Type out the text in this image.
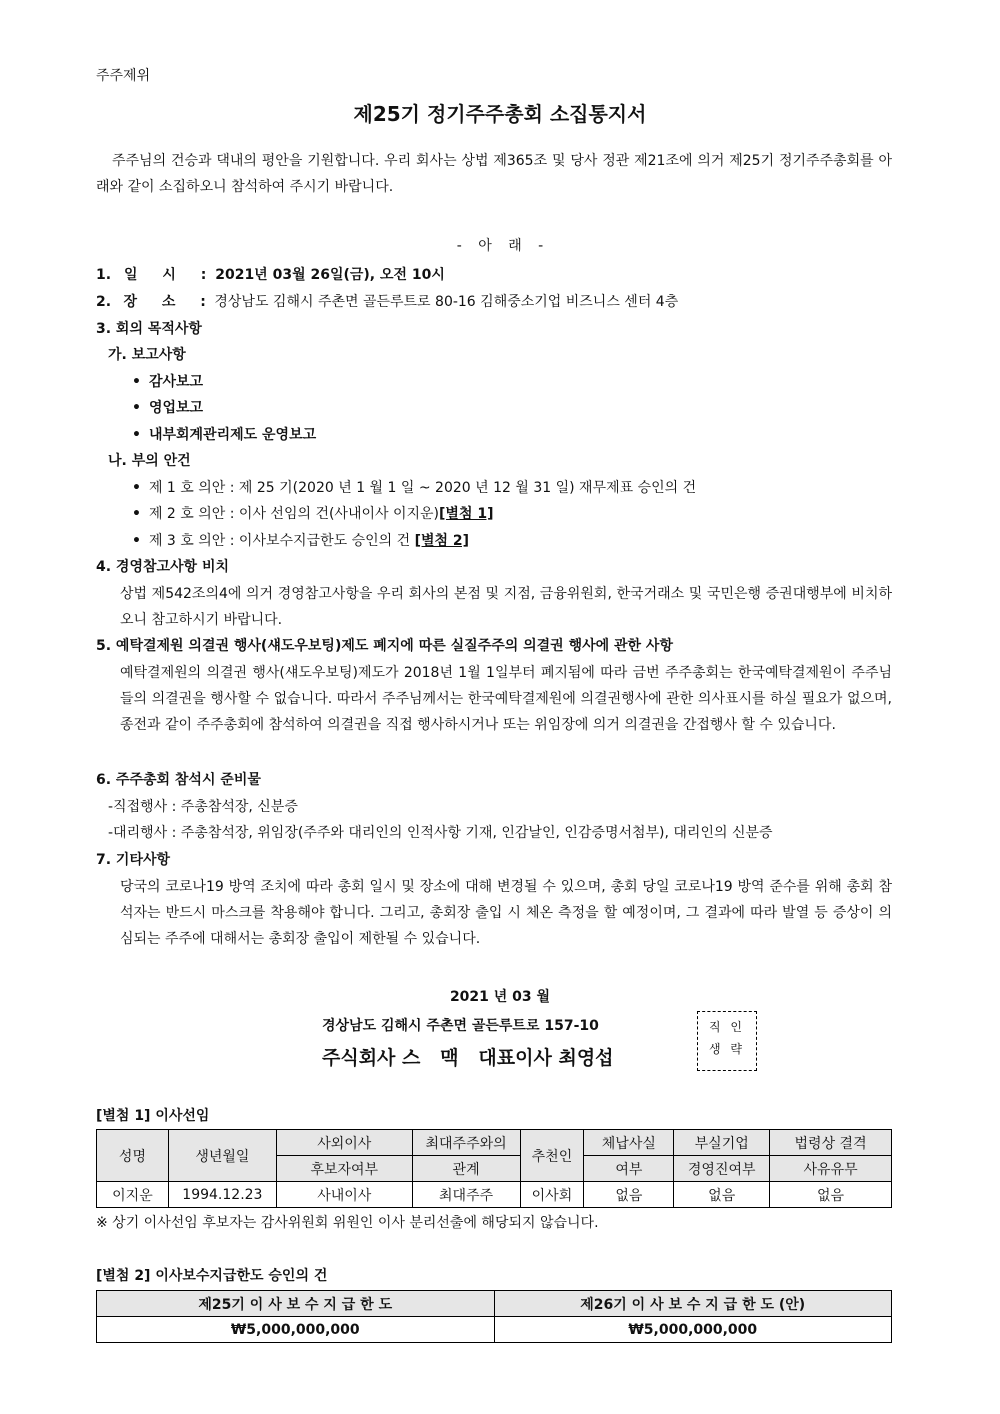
주주제위
제25기 정기주주총회 소집통지서
주주님의 건승과 댁내의 평안을 기원합니다. 우리 회사는 상법 제365조 및 당사 정관 제21조에 의거 제25기 정기주주총회를 아래와 같이 소집하오니 참석하여 주시기 바랍니다.
- 아 래 -
1. 일 시 : 2021년 03월 26일(금), 오전 10시
2. 장 소 : 경상남도 김해시 주촌면 골든루트로 80-16 김해중소기업 비즈니스 센터 4층
3. 회의 목적사항
가. 보고사항
• 감사보고
• 영업보고
• 내부회계관리제도 운영보고
나. 부의 안건
• 제 1 호 의안 : 제 25 기(2020 년 1 월 1 일 ~ 2020 년 12 월 31 일) 재무제표 승인의 건
• 제 2 호 의안 : 이사 선임의 건(사내이사 이지운)[별첨 1]
• 제 3 호 의안 : 이사보수지급한도 승인의 건 [별첨 2]
4. 경영참고사항 비치
상법 제542조의4에 의거 경영참고사항을 우리 회사의 본점 및 지점, 금융위원회, 한국거래소 및 국민은행 증권대행부에 비치하오니 참고하시기 바랍니다.
5. 예탁결제원 의결권 행사(섀도우보팅)제도 폐지에 따른 실질주주의 의결권 행사에 관한 사항
예탁결제원의 의결권 행사(섀도우보팅)제도가 2018년 1월 1일부터 폐지됨에 따라 금번 주주총회는 한국예탁결제원이 주주님들의 의결권을 행사할 수 없습니다. 따라서 주주님께서는 한국예탁결제원에 의결권행사에 관한 의사표시를 하실 필요가 없으며, 종전과 같이 주주총회에 참석하여 의결권을 직접 행사하시거나 또는 위임장에 의거 의결권을 간접행사 할 수 있습니다.
6. 주주총회 참석시 준비물
-직접행사 : 주총참석장, 신분증
-대리행사 : 주총참석장, 위임장(주주와 대리인의 인적사항 기재, 인감날인, 인감증명서첨부), 대리인의 신분증
7. 기타사항
당국의 코로나19 방역 조치에 따라 총회 일시 및 장소에 대해 변경될 수 있으며, 총회 당일 코로나19 방역 준수를 위해 총회 참석자는 반드시 마스크를 착용해야 합니다. 그리고, 총회장 출입 시 체온 측정을 할 예정이며, 그 결과에 따라 발열 등 증상이 의심되는 주주에 대해서는 총회장 출입이 제한될 수 있습니다.
2021 년 03 월
경상남도 김해시 주촌면 골든루트로 157-10
주식회사 스   맥   대표이사 최영섭
직 인
생 략
[별첨 1] 이사선임
성명	생년월일	사외이사	최대주주와의	추천인	체납사실	부실기업	법령상 결격
		후보자여부	관계		여부	경영진여부	사유유무
이지운	1994.12.23	사내이사	최대주주	이사회	없음	없음	없음
※ 상기 이사선임 후보자는 감사위원회 위원인 이사 분리선출에 해당되지 않습니다.
[별첨 2] 이사보수지급한도 승인의 건
제25기 이 사 보 수 지 급 한 도	제26기 이 사 보 수 지 급 한 도 (안)
₩5,000,000,000	₩5,000,000,000
